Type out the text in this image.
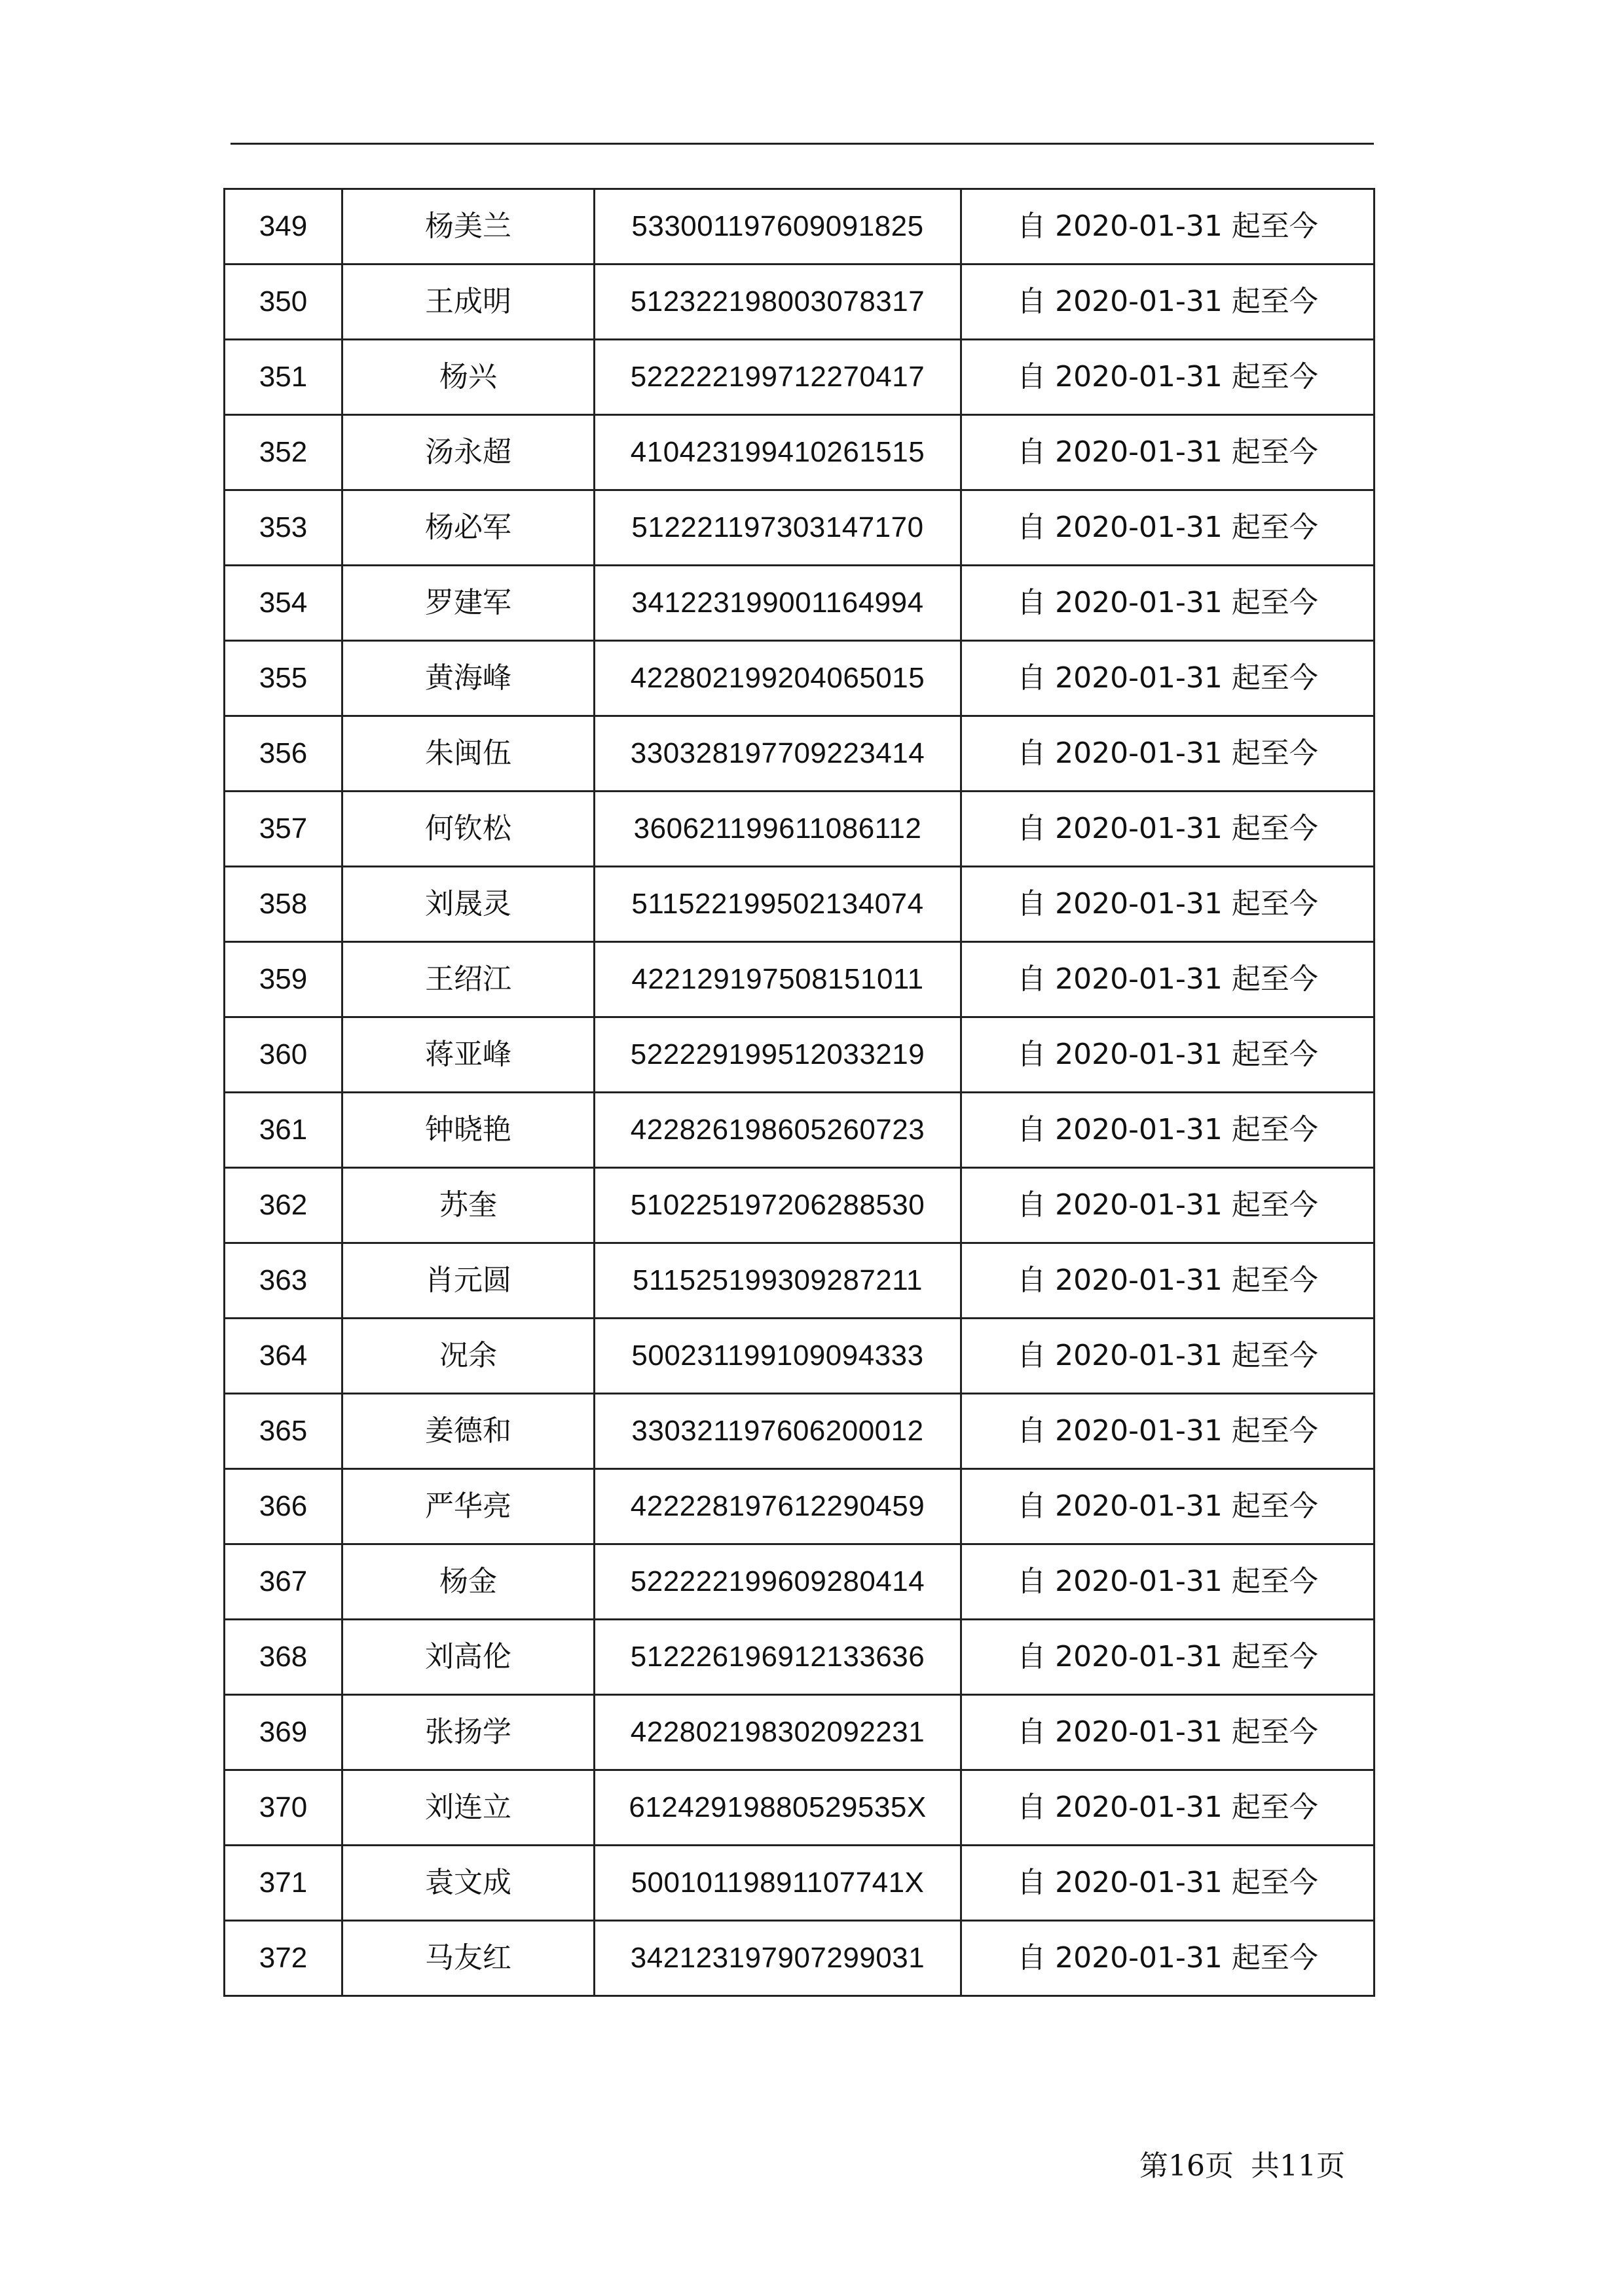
349	杨美兰	533001197609091825	自 2020-01-31 起至今
350	王成明	512322198003078317	自 2020-01-31 起至今
351	杨兴	522222199712270417	自 2020-01-31 起至今
352	汤永超	410423199410261515	自 2020-01-31 起至今
353	杨必军	512221197303147170	自 2020-01-31 起至今
354	罗建军	341223199001164994	自 2020-01-31 起至今
355	黄海峰	422802199204065015	自 2020-01-31 起至今
356	朱闽伍	330328197709223414	自 2020-01-31 起至今
357	何钦松	360621199611086112	自 2020-01-31 起至今
358	刘晟灵	511522199502134074	自 2020-01-31 起至今
359	王绍江	422129197508151011	自 2020-01-31 起至今
360	蒋亚峰	522229199512033219	自 2020-01-31 起至今
361	钟晓艳	422826198605260723	自 2020-01-31 起至今
362	苏奎	510225197206288530	自 2020-01-31 起至今
363	肖元圆	511525199309287211	自 2020-01-31 起至今
364	况余	500231199109094333	自 2020-01-31 起至今
365	姜德和	330321197606200012	自 2020-01-31 起至今
366	严华亮	422228197612290459	自 2020-01-31 起至今
367	杨金	522222199609280414	自 2020-01-31 起至今
368	刘高伦	512226196912133636	自 2020-01-31 起至今
369	张扬学	422802198302092231	自 2020-01-31 起至今
370	刘连立	61242919880529535X	自 2020-01-31 起至今
371	袁文成	50010119891107741X	自 2020-01-31 起至今
372	马友红	342123197907299031	自 2020-01-31 起至今
第16页 共11页
